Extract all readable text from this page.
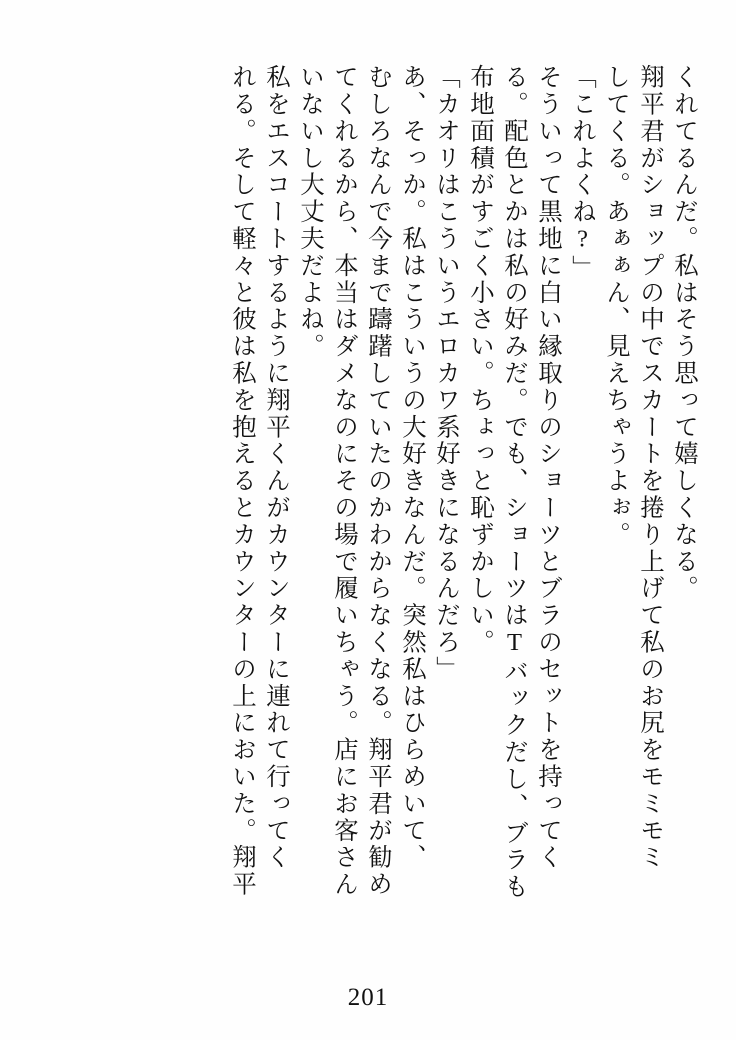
くれてるんだ。私はそう思って嬉しくなる。
翔平君がショップの中でスカートを捲り上げて私のお尻をモミモミ
してくる。あぁぁん、見えちゃうよぉ。
「これよくね?」
そういって黒地に白い縁取りのショーツとブラのセットを持ってく
る。配色とかは私の好みだ。でも、ショーツはTバックだし、ブラも
布地面積がすごく小さい。ちょっと恥ずかしい。
「カオリはこういうエロカワ系好きになるんだろ」
あ、そっか。私はこういうの大好きなんだ。突然私はひらめいて、
むしろなんで今まで躊躇していたのかわからなくなる。翔平君が勧め
てくれるから、本当はダメなのにその場で履いちゃう。店にお客さん
いないし大丈夫だよね。
私をエスコートするように翔平くんがカウンターに連れて行ってく
れる。そして軽々と彼は私を抱えるとカウンターの上においた。翔平
201
